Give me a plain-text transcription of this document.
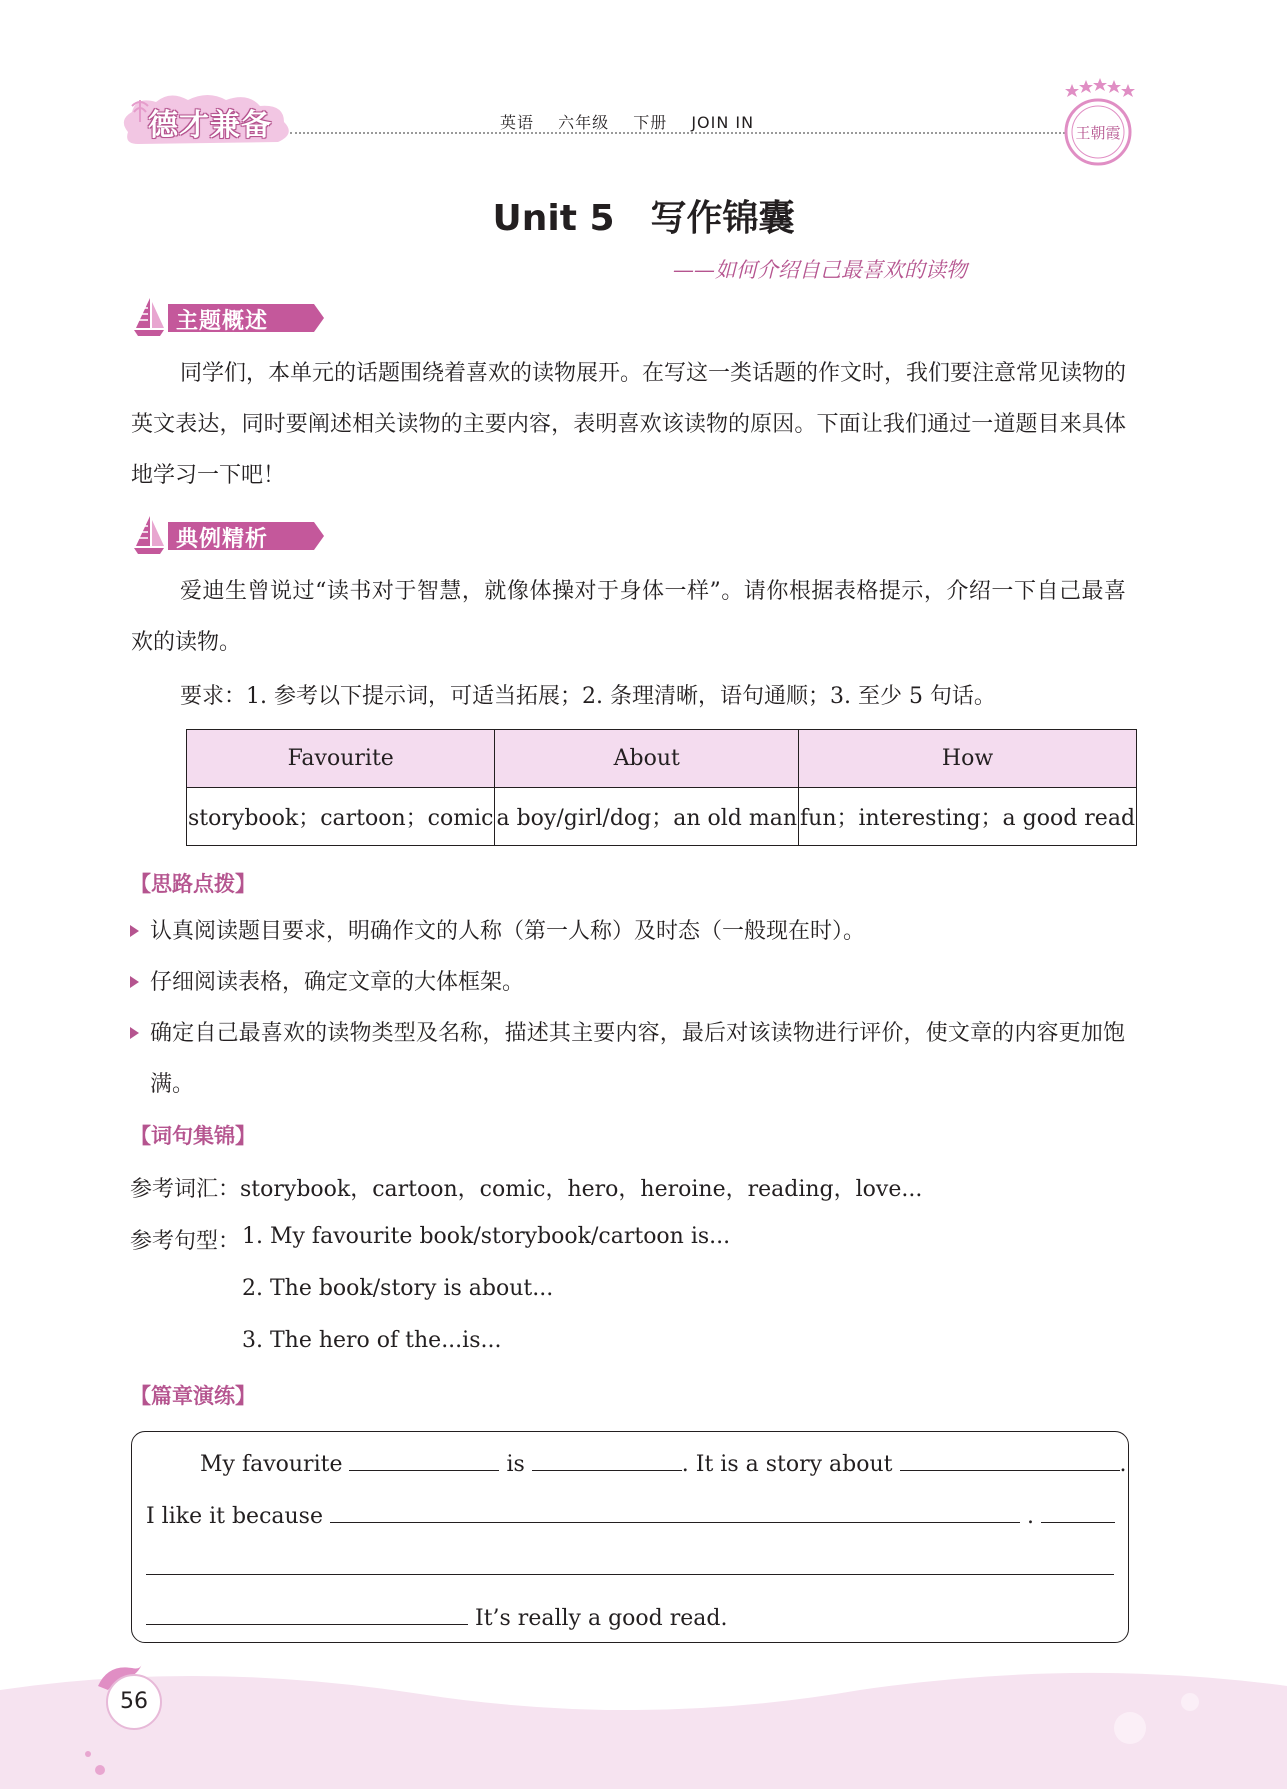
德才兼备	英语 六年级 下册 JOIN IN
王朝霞
Unit 5　写作锦囊
——如何介绍自己最喜欢的读物
主题概述

同学们，本单元的话题围绕着喜欢的读物展开。在写这一类话题的作文时，我们要注意常见读物的英文表达，同时要阐述相关读物的主要内容，表明喜欢该读物的原因。下面让我们通过一道题目来具体地学习一下吧！

典例精析

爱迪生曾说过“读书对于智慧，就像体操对于身体一样”。请你根据表格提示，介绍一下自己最喜欢的读物。

要求：1. 参考以下提示词，可适当拓展；2. 条理清晰，语句通顺；3. 至少 5 句话。
Favourite	About	How
storybook；cartoon；comic	a boy/girl/dog；an old man	fun；interesting；a good read
【思路点拨】
认真阅读题目要求，明确作文的人称（第一人称）及时态（一般现在时）。
仔细阅读表格，确定文章的大体框架。
确定自己最喜欢的读物类型及名称，描述其主要内容，最后对该读物进行评价，使文章的内容更加饱满。
【词句集锦】
参考词汇：storybook，cartoon，comic，hero，heroine，reading，love...
参考句型： 1. My favourite book/storybook/cartoon is...
2. The book/story is about...
3. The hero of the...is...
【篇章演练】
My favourite	is	. It is a story about	.
I like it because	.
It’s really a good read.
56
